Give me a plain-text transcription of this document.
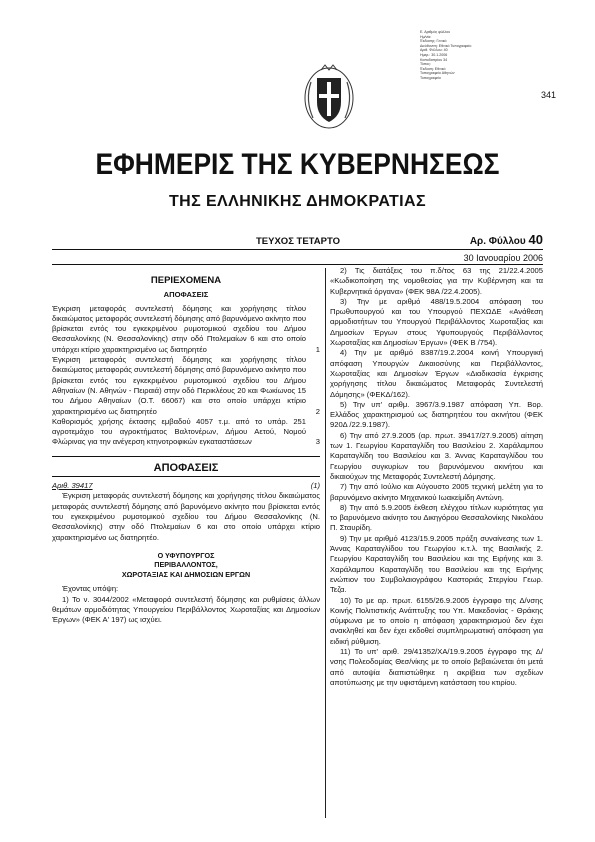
Ε. Αριθμός φύλλου
Ημ/νία:
Έκδοσης: Γενικό
Διεύθυνση: Εθνικό Τυπογραφείο
Αριθ. Φύλλου: 40
Ημερ.: 30.1.2006
Καποδιστρίου 34
Τύπος:
Έκδοση: Εθνικό
Τυπογραφείο Αθηνών
Τυπογραφείο
341
ΕΦΗΜΕΡΙΣ ΤΗΣ ΚΥΒΕΡΝΗΣΕΩΣ
ΤΗΣ ΕΛΛΗΝΙΚΗΣ ΔΗΜΟΚΡΑΤΙΑΣ
ΤΕΥΧΟΣ ΤΕΤΑΡΤΟ	Αρ. Φύλλου 40
30 Ιανουαρίου 2006
ΠΕΡΙΕΧΟΜΕΝΑ
ΑΠΟΦΑΣΕΙΣ
Έγκριση μεταφοράς συντελεστή δόμησης και χορήγησης τίτλου δικαιώματος μεταφοράς συντελεστή δόμησης από βαρυνόμενο ακίνητο που βρίσκεται εντός του εγκεκριμένου ρυμοτομικού σχεδίου του Δήμου Θεσσαλονίκης (Ν. Θεσσαλονίκης) στην οδό Πτολεμαίων 6 και στο οποίο υπάρχει κτίριο χαρακτηρισμένο ως διατηρητέο	1
Έγκριση μεταφοράς συντελεστή δόμησης και χορήγησης τίτλου δικαιώματος μεταφοράς συντελεστή δόμησης από βαρυνόμενο ακίνητο που βρίσκεται εντός του εγκεκριμένου ρυμοτομικού σχεδίου του Δήμου Αθηναίων (Ν. Αθηνών - Πειραιά) στην οδό Περικλέους 20 και Φωκίωνος 15 του Δήμου Αθηναίων (Ο.Τ. 66067) και στο οποίο υπάρχει κτίριο χαρακτηρισμένο ως διατηρητέο	2
Καθορισμός χρήσης έκτασης εμβαδού 4057 τ.μ. από το υπάρ. 251 αγροτεμάχιο του αγροκτήματος Βαλτονέρων, Δήμου Αετού, Νομού Φλώρινας για την ανέγερση κτηνοτροφικών εγκαταστάσεων	3
ΑΠΟΦΑΣΕΙΣ
Αριθ. 39417	(1)

Έγκριση μεταφοράς συντελεστή δόμησης και χορήγησης τίτλου δικαιώματος μεταφοράς συντελεστή δόμησης από βαρυνόμενο ακίνητο που βρίσκεται εντός του εγκεκριμένου ρυμοτομικού σχεδίου του Δήμου Θεσσαλονίκης (Ν. Θεσσαλονίκης) στην οδό Πτολεμαίων 6 και στο οποίο υπάρχει κτίριο χαρακτηρισμένο ως διατηρητέο.

Ο ΥΦΥΠΟΥΡΓΟΣ
ΠΕΡΙΒΑΛΛΟΝΤΟΣ,
ΧΩΡΟΤΑΞΙΑΣ ΚΑΙ ΔΗΜΟΣΙΩΝ ΕΡΓΩΝ

Έχοντας υπόψη:

1) Το ν. 3044/2002 «Μεταφορά συντελεστή δόμησης και ρυθμίσεις άλλων θεμάτων αρμοδιότητας Υπουργείου Περιβάλλοντος Χωροταξίας και Δημοσίων Έργων» (ΦΕΚ Α' 197) ως ισχύει.

2) Τις διατάξεις του π.δ/τος 63 της 21/22.4.2005 «Κωδικοποίηση της νομοθεσίας για την Κυβέρνηση και τα Κυβερνητικά όργανα» (ΦΕΚ 98Α /22.4.2005).

3) Την με αριθμό 488/19.5.2004 απόφαση του Πρωθυπουργού και του Υπουργού ΠΕΧΩΔΕ «Ανάθεση αρμοδιοτήτων του Υπουργού Περιβάλλοντος Χωροταξίας και Δημοσίων Έργων στους Υφυπουργούς Περιβάλλοντος Χωροταξίας και Δημοσίων Έργων» (ΦΕΚ Β /754).

4) Την με αριθμό 8387/19.2.2004 κοινή Υπουργική απόφαση Υπουργών Δικαιοσύνης και Περιβάλλοντος, Χωροταξίας και Δημοσίων Έργων «Διαδικασία έγκρισης χορήγησης τίτλου δικαιώματος Μεταφοράς Συντελεστή Δόμησης» (ΦΕΚΔ/162).

5) Την υπ' αριθμ. 3967/3.9.1987 απόφαση Υπ. Βορ. Ελλάδος χαρακτηρισμού ως διατηρητέου του ακινήτου (ΦΕΚ 920Δ /22.9.1987).

6) Την από 27.9.2005 (αρ. πρωτ. 39417/27.9.2005) αίτηση των 1. Γεωργίου Καραταγλίδη του Βασιλείου 2. Χαράλαμπου Καραταγλίδη του Βασιλείου και 3. Άννας Καραταγλίδου του Γεωργίου συγκυρίων του βαρυνόμενου ακινήτου και δικαιούχων της Μεταφοράς Συντελεστή Δόμησης.

7) Την από Ιούλιο και Αύγουστο 2005 τεχνική μελέτη για το βαρυνόμενο ακίνητο Μηχανικού Ιωακείμίδη Αντώνη.

8) Την από 5.9.2005 έκθεση ελέγχου τίτλων κυριότητας για το βαρυνόμενο ακίνητο του Δικηγόρου Θεσσαλονίκης Νικολάου Π. Σταυρίδη.

9) Την με αριθμό 4123/15.9.2005 πράξη συναίνεσης των 1. Άννας Καραταγλίδου του Γεωργίου κ.τ.λ. της Βασιλικής 2. Γεωργίου Καραταγλίδη του Βασιλείου και της Ειρήνης και 3. Χαράλαμπου Καραταγλίδη του Βασιλείου και της Ειρήνης ενώπιον του Συμβολαιογράφου Καστοριάς Στεργίου Γεωρ. Τεζα.

10) Το με αρ. πρωτ. 6155/26.9.2005 έγγραφο της Δ/νσης Κοινής Πολιτιστικής Ανάπτυξης του Υπ. Μακεδονίας - Θράκης σύμφωνα με το οποίο η απόφαση χαρακτηρισμού δεν έχει ανακληθεί και δεν έχει εκδοθεί συμπληρωματική απόφαση για ειδική ρύθμιση.

11) Το υπ' αριθ. 29/41352/ΧΑ/19.9.2005 έγγραφο της Δ/νσης Πολεοδομίας Θεσ/νίκης με το οποίο βεβαιώνεται ότι μετά από αυτοψία διαπιστώθηκε η ακρίβεια των σχεδίων αποτύπωσης με την υφιστάμενη κατάσταση του κτιρίου.
